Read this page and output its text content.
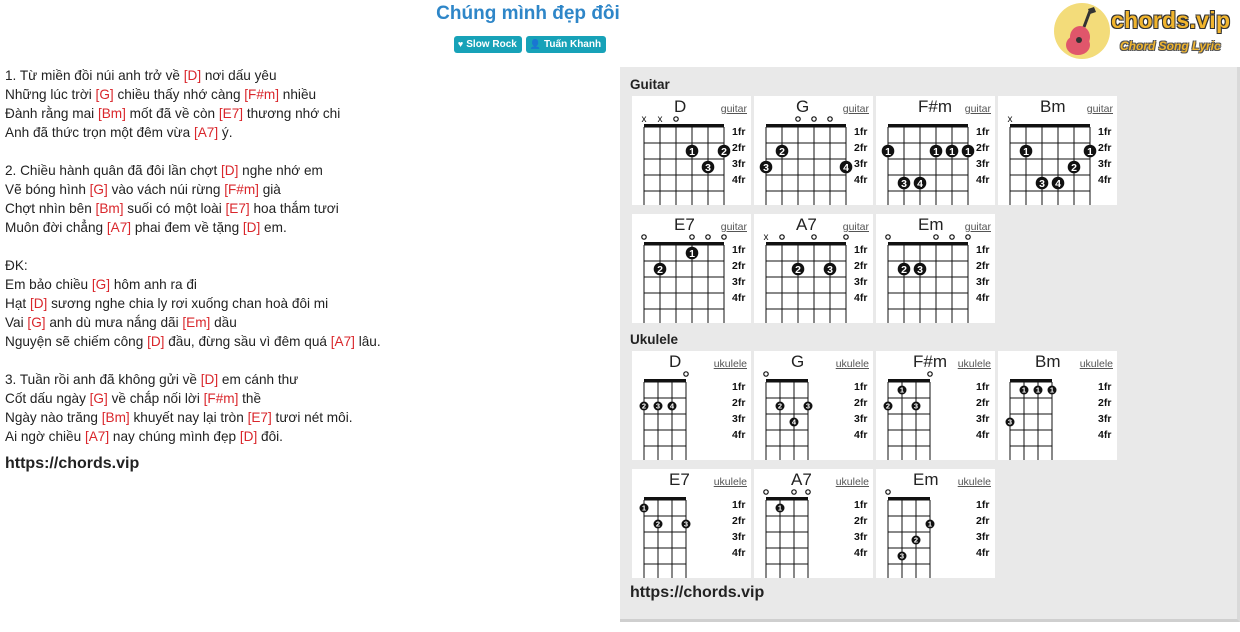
Chúng mình đẹp đôi
♥ Slow Rock 👤 Tuấn Khanh
chords.vip
Chord Song Lyric
1. Từ miền đồi núi anh trở về [D] nơi dấu yêu
Những lúc trời [G] chiều thấy nhớ càng [F#m] nhiều
Đành rằng mai [Bm] mốt đã về còn [E7] thương nhớ chi
Anh đã thức trọn một đêm vừa [A7] ý.
2. Chiều hành quân đã đôi lần chợt [D] nghe nhớ em
Vẽ bóng hình [G] vào vách núi rừng [F#m] già
Chợt nhìn bên [Bm] suối có một loài [E7] hoa thắm tươi
Muôn đời chẳng [A7] phai đem về tặng [D] em.
ĐK:
Em bảo chiều [G] hôm anh ra đi
Hạt [D] sương nghe chia ly rơi xuống chan hoà đôi mi
Vai [G] anh dù mưa nắng dãi [Em] dầu
Nguyện sẽ chiếm công [D] đầu, đừng sầu vì đêm quá [A7] lâu.
3. Tuần rồi anh đã không gửi về [D] em cánh thư
Cốt dấu ngày [G] về chắp nối lời [F#m] thề
Ngày nào trăng [Bm] khuyết nay lại tròn [E7] tươi nét môi.
Ai ngờ chiều [A7] nay chúng mình đẹp [D] đôi.
https://chords.vip
Guitar
D	guitar
x x
1 2
3
1fr
2fr
3fr
4fr
G	guitar
2
3	4
1fr
2fr
3fr
4fr
F#m guitar
1	1 1 1
3 4
1fr
2fr
3fr
4fr
Bm guitar
x
1	1
2
3 4
1fr
2fr
3fr
4fr
E7 guitar
1
2
1fr
2fr
3fr
4fr
A7 guitar
x
2 3
1fr
2fr
3fr
4fr
Em guitar
2 3
1fr
2fr
3fr
4fr
Ukulele
D	ukulele
2 3 4
1fr
2fr
3fr
4fr
G	ukulele
2	3
4
1fr
2fr
3fr
4fr
F#m ukulele
1
2	3
1fr
2fr
3fr
4fr
Bm ukulele
1 1 1
3
1fr
2fr
3fr
4fr
E7 ukulele
1
2	3
1fr
2fr
3fr
4fr
A7 ukulele
1	1fr
2fr
3fr
4fr
Em ukulele
1
2
3
1fr
2fr
3fr
4fr
https://chords.vip
